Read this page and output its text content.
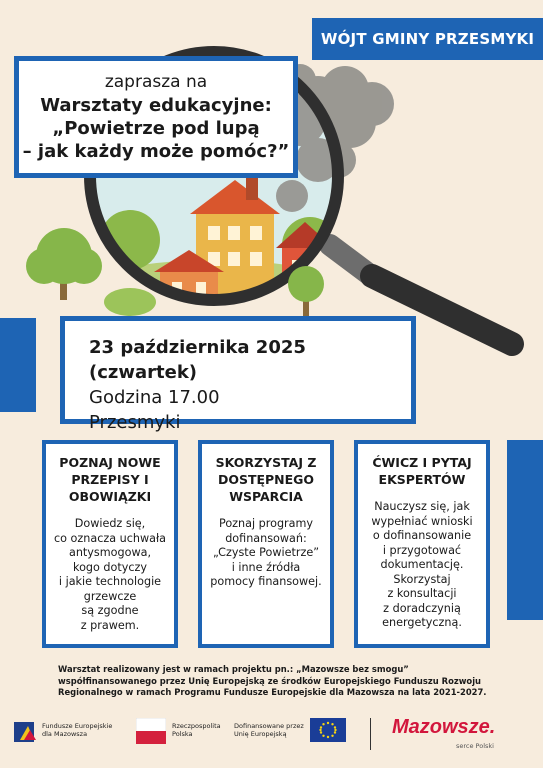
WÓJT GMINY PRZESMYKI
zaprasza na
Warsztaty edukacyjne:
„Powietrze pod lupą
– jak każdy może pomóc?”
23 października 2025 (czwartek)
Godzina 17.00
Przesmyki
POZNAJ NOWE PRZEPISY I OBOWIĄZKI

Dowiedz się,
co oznacza uchwała
antysmogowa,
kogo dotyczy
i jakie technologie
grzewcze
są zgodne
z prawem.

SKORZYSTAJ Z DOSTĘPNEGO WSPARCIA

Poznaj programy
dofinansowań:
„Czyste Powietrze”
i inne źródła
pomocy finansowej.

ĆWICZ I PYTAJ EKSPERTÓW

Nauczysz się, jak
wypełniać wnioski
o dofinansowanie
i przygotować
dokumentację.
Skorzystaj
z konsultacji
z doradczynią
energetyczną.

Warsztat realizowany jest w ramach projektu pn.: „Mazowsze bez smogu” współfinansowanego przez Unię Europejską ze środków Europejskiego Funduszu Rozwoju Regionalnego w ramach Programu Fundusze Europejskie dla Mazowsza na lata 2021-2027.
Fundusze Europejskie
dla Mazowsza
Rzeczpospolita
Polska
Dofinansowane przez
Unię Europejską	Mazowsze.
serce Polski
